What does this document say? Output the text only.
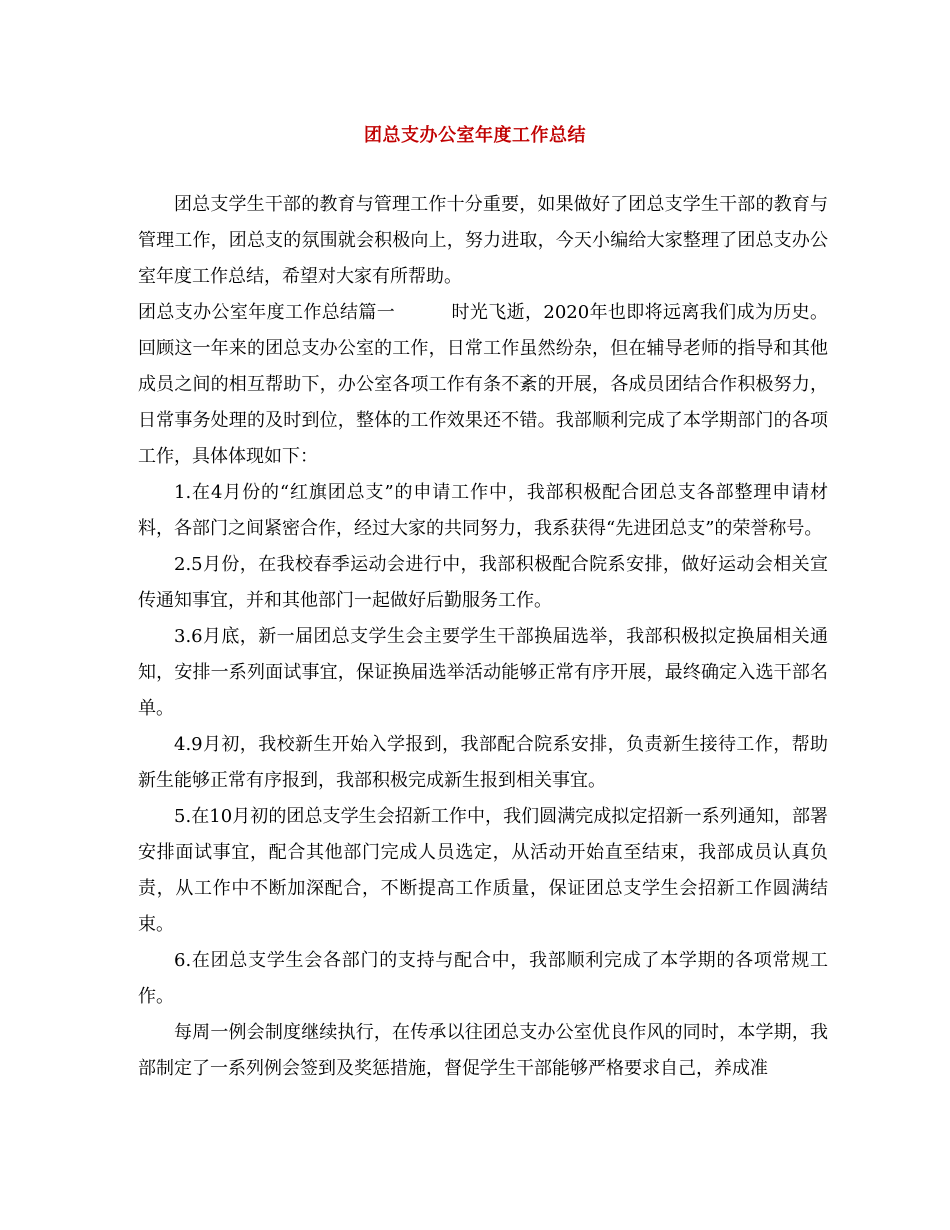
团总支办公室年度工作总结

团总支学生干部的教育与管理工作十分重要，如果做好了团总支学生干部的教育与管理工作，团总支的氛围就会积极向上，努力进取，今天小编给大家整理了团总支办公室年度工作总结，希望对大家有所帮助。

团总支办公室年度工作总结篇一	时光飞逝，2020年也即将远离我们成为历史。回顾这一年来的团总支办公室的工作，日常工作虽然纷杂，但在辅导老师的指导和其他成员之间的相互帮助下，办公室各项工作有条不紊的开展，各成员团结合作积极努力，日常事务处理的及时到位，整体的工作效果还不错。我部顺利完成了本学期部门的各项工作，具体体现如下：

1.在4月份的“红旗团总支”的申请工作中，我部积极配合团总支各部整理申请材料，各部门之间紧密合作，经过大家的共同努力，我系获得“先进团总支”的荣誉称号。

2.5月份，在我校春季运动会进行中，我部积极配合院系安排，做好运动会相关宣传通知事宜，并和其他部门一起做好后勤服务工作。

3.6月底，新一届团总支学生会主要学生干部换届选举，我部积极拟定换届相关通知，安排一系列面试事宜，保证换届选举活动能够正常有序开展，最终确定入选干部名单。

4.9月初，我校新生开始入学报到，我部配合院系安排，负责新生接待工作，帮助新生能够正常有序报到，我部积极完成新生报到相关事宜。

5.在10月初的团总支学生会招新工作中，我们圆满完成拟定招新一系列通知，部署安排面试事宜，配合其他部门完成人员选定，从活动开始直至结束，我部成员认真负责，从工作中不断加深配合，不断提高工作质量，保证团总支学生会招新工作圆满结束。

6.在团总支学生会各部门的支持与配合中，我部顺利完成了本学期的各项常规工作。

每周一例会制度继续执行，在传承以往团总支办公室优良作风的同时，本学期，我部制定了一系列例会签到及奖惩措施，督促学生干部能够严格要求自己，养成准
